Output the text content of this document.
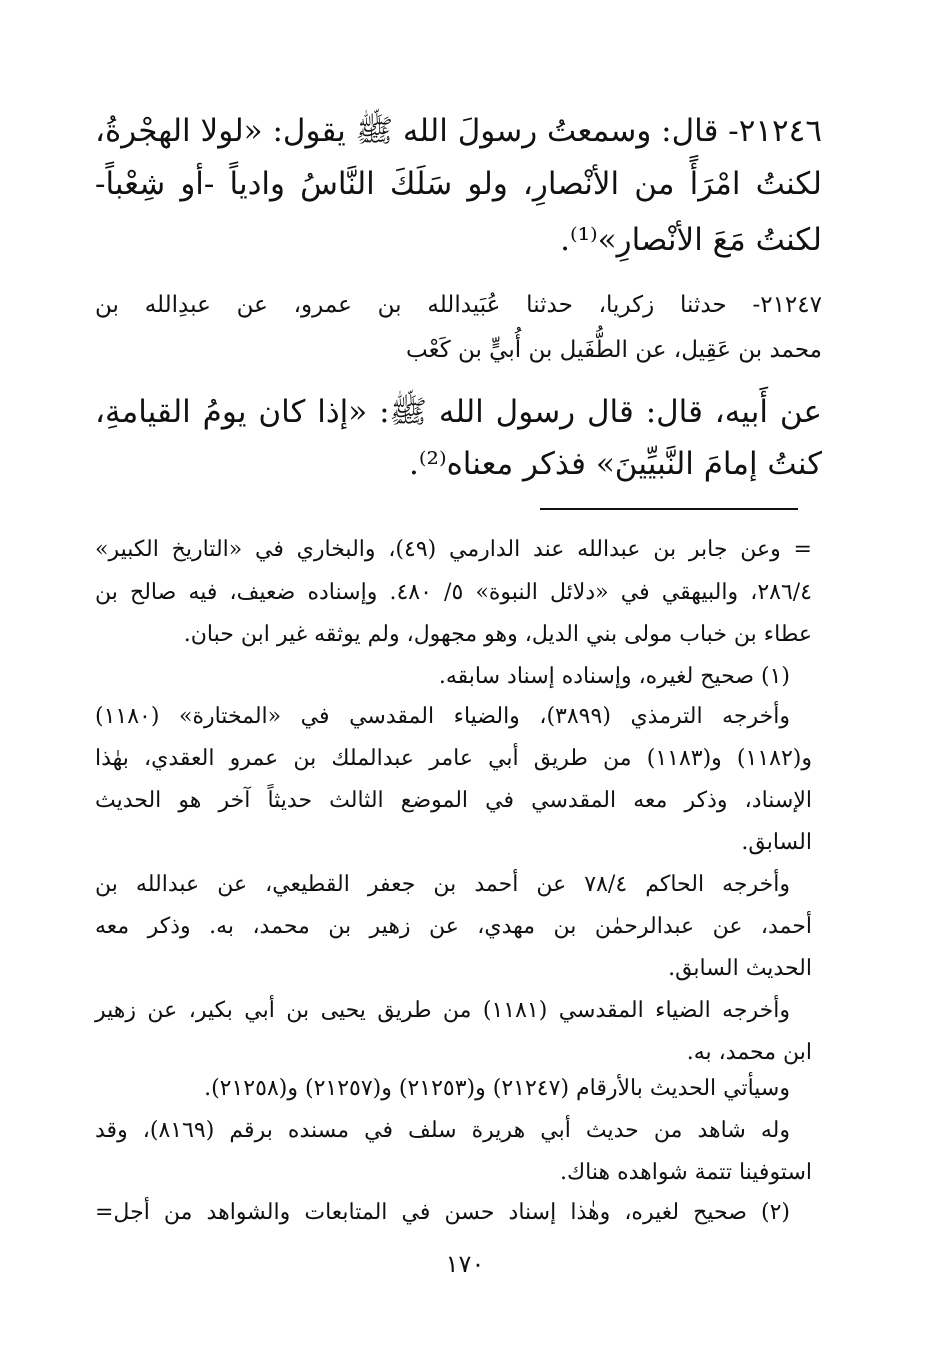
٢١٢٤٦- قال: وسمعتُ رسولَ الله ﷺ يقول: «لولا الهجْرةُ،
لكنتُ امْرَأً من الأنْصارِ، ولو سَلَكَ النَّاسُ وادياً -أو شِعْباً-
لكنتُ مَعَ الأنْصارِ»⁽¹⁾.
٢١٢٤٧- حدثنا زكريا، حدثنا عُبَيدالله بن عمرو، عن عبدِالله بن
محمد بن عَقِيل، عن الطُّفَيل بن أُبيٍّ بن كَعْب
عن أَبيه، قال: قال رسول الله ﷺ: «إذا كان يومُ القيامةِ،
كنتُ إمامَ النَّبيِّينَ» فذكر معناه⁽²⁾.
= وعن جابر بن عبدالله عند الدارمي (٤٩)، والبخاري في «التاريخ الكبير»
٢٨٦/٤، والبيهقي في «دلائل النبوة» ٥/ ٤٨٠. وإسناده ضعيف، فيه صالح بن
عطاء بن خباب مولى بني الديل، وهو مجهول، ولم يوثقه غير ابن حبان.
(١) صحيح لغيره، وإسناده إسناد سابقه.
وأخرجه الترمذي (٣٨٩٩)، والضياء المقدسي في «المختارة» (١١٨٠)
و(١١٨٢) و(١١٨٣) من طريق أبي عامر عبدالملك بن عمرو العقدي، بهٰذا
الإسناد، وذكر معه المقدسي في الموضع الثالث حديثاً آخر هو الحديث
السابق.
وأخرجه الحاكم ٧٨/٤ عن أحمد بن جعفر القطيعي، عن عبدالله بن
أحمد، عن عبدالرحمٰن بن مهدي، عن زهير بن محمد، به. وذكر معه
الحديث السابق.
وأخرجه الضياء المقدسي (١١٨١) من طريق يحيى بن أبي بكير، عن زهير
ابن محمد، به.
وسيأتي الحديث بالأرقام (٢١٢٤٧) و(٢١٢٥٣) و(٢١٢٥٧) و(٢١٢٥٨).
وله شاهد من حديث أبي هريرة سلف في مسنده برقم (٨١٦٩)، وقد
استوفينا تتمة شواهده هناك.
(٢) صحيح لغيره، وهٰذا إسناد حسن في المتابعات والشواهد من أجل=
١٧٠
